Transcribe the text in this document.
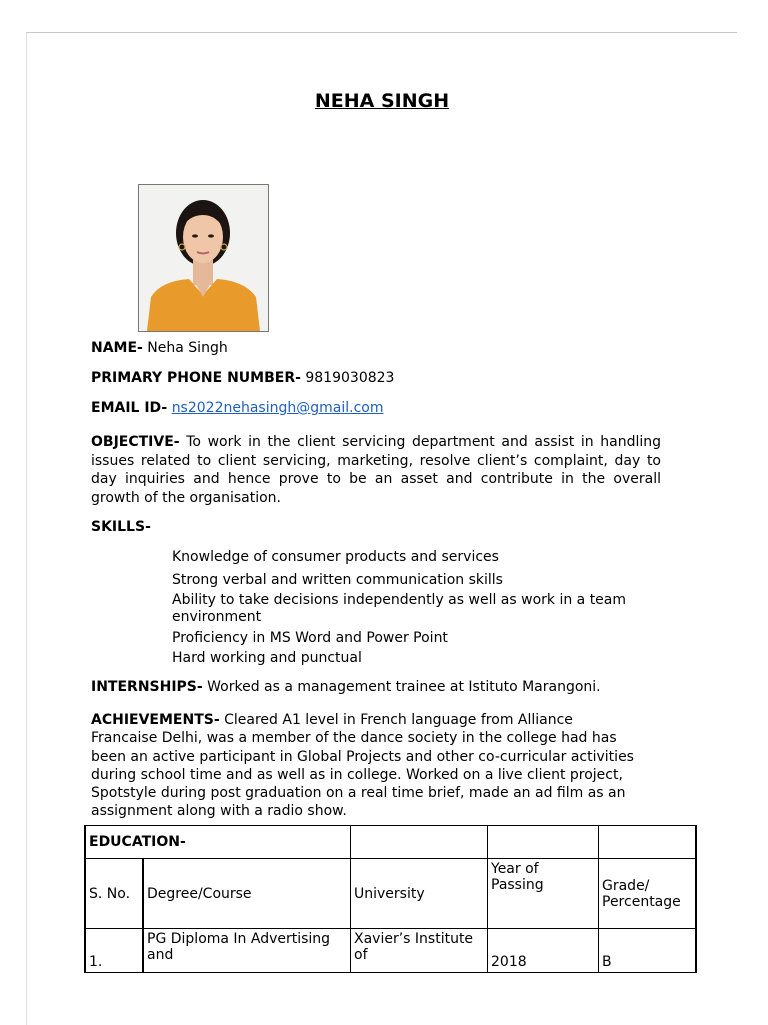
NEHA SINGH
NAME- Neha Singh
PRIMARY PHONE NUMBER- 9819030823
EMAIL ID- ns2022nehasingh@gmail.com
OBJECTIVE- To work in the client servicing department and assist in handling issues related to client servicing, marketing, resolve client’s complaint, day to day inquiries and hence prove to be an asset and contribute in the overall growth of the organisation.
SKILLS-
Knowledge of consumer products and services
Strong verbal and written communication skills
Ability to take decisions independently as well as work in a team environment
Proficiency in MS Word and Power Point
Hard working and punctual
INTERNSHIPS- Worked as a management trainee at Istituto Marangoni.
ACHIEVEMENTS- Cleared A1 level in French language from Alliance Francaise Delhi, was a member of the dance society in the college had has been an active participant in Global Projects and other co-curricular activities during school time and as well as in college. Worked on a live client project, Spotstyle during post graduation on a real time brief, made an ad film as an assignment along with a radio show.
EDUCATION-				
S. No.	Degree/Course	University	Year of Passing	Grade/ Percentage
1.	PG Diploma In Advertising and	Xavier’s Institute of	2018	B
